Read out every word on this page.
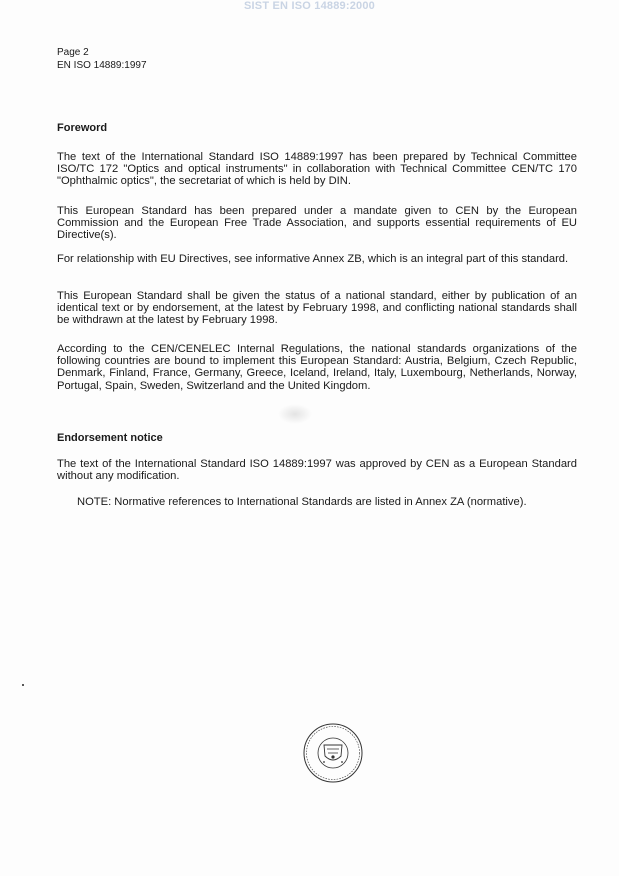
SIST EN ISO 14889:2000
Page 2
EN ISO 14889:1997
Foreword

The text of the International Standard ISO 14889:1997 has been prepared by Technical Committee ISO/TC 172 "Optics and optical instruments" in collaboration with Technical Committee CEN/TC 170 "Ophthalmic optics", the secretariat of which is held by DIN.

This European Standard has been prepared under a mandate given to CEN by the European Commission and the European Free Trade Association, and supports essential requirements of EU Directive(s).

For relationship with EU Directives, see informative Annex ZB, which is an integral part of this standard.

This European Standard shall be given the status of a national standard, either by publication of an identical text or by endorsement, at the latest by February 1998, and conflicting national standards shall be withdrawn at the latest by February 1998.

According to the CEN/CENELEC Internal Regulations, the national standards organizations of the following countries are bound to implement this European Standard: Austria, Belgium, Czech Republic, Denmark, Finland, France, Germany, Greece, Iceland, Ireland, Italy, Luxembourg, Netherlands, Norway, Portugal, Spain, Sweden, Switzerland and the United Kingdom.

Endorsement notice

The text of the International Standard ISO 14889:1997 was approved by CEN as a European Standard without any modification.

NOTE: Normative references to International Standards are listed in Annex ZA (normative).
